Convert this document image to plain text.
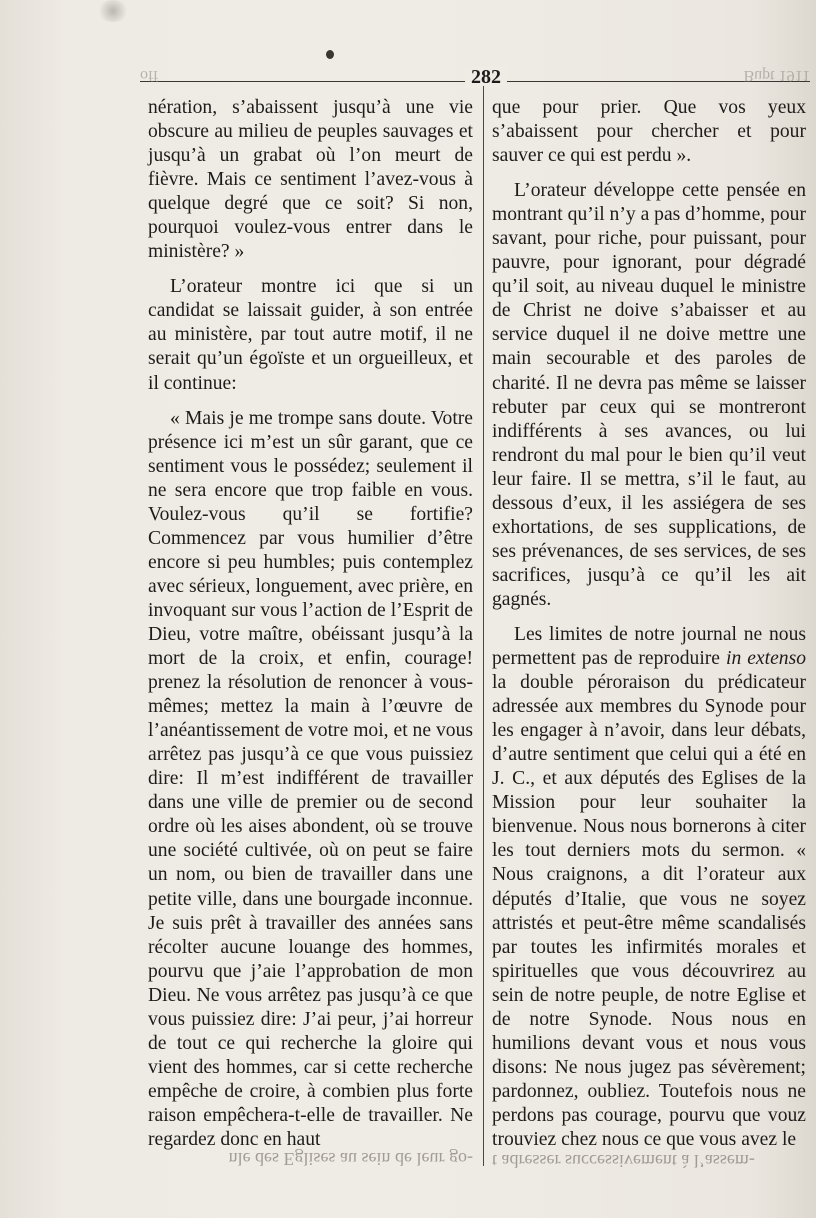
off	282	Bupt 1911

nération, s’abaissent jusqu’à une vie obscure au milieu de peuples sauvages et jusqu’à un grabat où l’on meurt de fièvre. Mais ce sentiment l’avez-vous à quelque degré que ce soit? Si non, pourquoi voulez-vous entrer dans le ministère? »

L’orateur montre ici que si un candidat se laissait guider, à son entrée au ministère, par tout autre motif, il ne serait qu’un égoïste et un orgueilleux, et il continue:

« Mais je me trompe sans doute. Votre présence ici m’est un sûr garant, que ce sentiment vous le possédez; seulement il ne sera encore que trop faible en vous. Voulez-vous qu’il se fortifie? Commencez par vous humilier d’être encore si peu humbles; puis contemplez avec sérieux, longuement, avec prière, en invoquant sur vous l’action de l’Esprit de Dieu, votre maître, obéissant jusqu’à la mort de la croix, et enfin, courage! prenez la résolution de renoncer à vous-mêmes; mettez la main à l’œuvre de l’anéantissement de votre moi, et ne vous arrêtez pas jusqu’à ce que vous puissiez dire: Il m’est indifférent de travailler dans une ville de premier ou de second ordre où les aises abondent, où se trouve une société cultivée, où on peut se faire un nom, ou bien de travailler dans une petite ville, dans une bourgade inconnue. Je suis prêt à travailler des années sans récolter aucune louange des hommes, pourvu que j’aie l’approbation de mon Dieu. Ne vous arrêtez pas jusqu’à ce que vous puissiez dire: J’ai peur, j’ai horreur de tout ce qui recherche la gloire qui vient des hommes, car si cette recherche empêche de croire, à combien plus forte raison empêchera-t-elle de travailler. Ne regardez donc en haut

que pour prier. Que vos yeux s’abaissent pour chercher et pour sauver ce qui est perdu ».

L’orateur développe cette pensée en montrant qu’il n’y a pas d’homme, pour savant, pour riche, pour puissant, pour pauvre, pour ignorant, pour dégradé qu’il soit, au niveau duquel le ministre de Christ ne doive s’abaisser et au service duquel il ne doive mettre une main secourable et des paroles de charité. Il ne devra pas même se laisser rebuter par ceux qui se montreront indifférents à ses avances, ou lui rendront du mal pour le bien qu’il veut leur faire. Il se mettra, s’il le faut, au dessous d’eux, il les assiégera de ses exhortations, de ses supplications, de ses prévenances, de ses services, de ses sacrifices, jusqu’à ce qu’il les ait gagnés.

Les limites de notre journal ne nous permettent pas de reproduire in extenso la double péroraison du prédicateur adressée aux membres du Synode pour les engager à n’avoir, dans leur débats, d’autre sentiment que celui qui a été en J. C., et aux députés des Eglises de la Mission pour leur souhaiter la bienvenue. Nous nous bornerons à citer les tout derniers mots du sermon. « Nous craignons, a dit l’orateur aux députés d’Italie, que vous ne soyez attristés et peut-être même scandalisés par toutes les infirmités morales et spirituelles que vous découvrirez au sein de notre peuple, de notre Eglise et de notre Synode. Nous nous en humilions devant vous et nous vous disons: Ne nous jugez pas sévèrement; pardonnez, oubliez. Toutefois nous ne perdons pas courage, pourvu que vouz trouviez chez nous ce que vous avez le

nle des Eglises au sein de leur go- t adresser successivement à l’assem-
